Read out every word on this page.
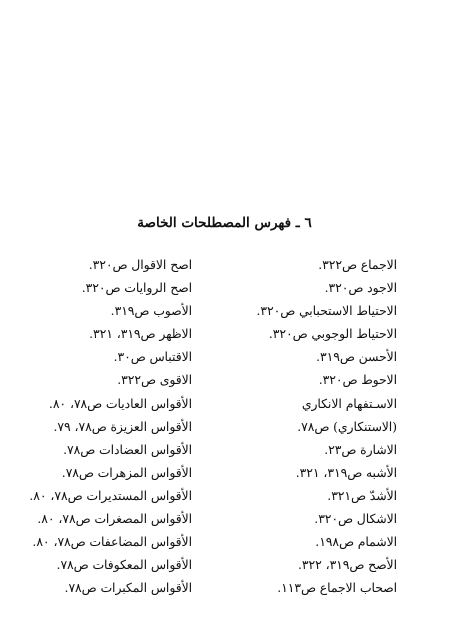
٦ ـ فهرس المصطلحات الخاصة
الاجماع ص٣٢٢.
الاجود ص٣٢٠.
الاحتياط الاستحبابي ص٣٢٠.
الاحتياط الوجوبي ص٣٢٠.
الأحسن ص٣١٩.
الاحوط ص٣٢٠.
الاسـتفهام الانكاري
(الاستنكاري) ص٧٨.
الاشارة ص٢٣.
الأشبه ص٣١٩، ٣٢١.
الأشدّ ص٣٢١.
الاشكال ص٣٢٠.
الاشمام ص١٩٨.
الأصح ص٣١٩، ٣٢٢.
اصحاب الاجماع ص١١٣.
اصح الاقوال ص٣٢٠.
اصح الروايات ص٣٢٠.
الأصوب ص٣١٩.
الاظهر ص٣١٩، ٣٢١.
الاقتباس ص٣٠.
الاقوى ص٣٢٢.
الأقواس العاديات ص٧٨، ٨٠.
الأقواس العزيزة ص٧٨، ٧٩.
الأقواس العضادات ص٧٨.
الأقواس المزهرات ص٧٨.
الأقواس المستديرات ص٧٨، ٨٠.
الأقواس المصغرات ص٧٨، ٨٠.
الأقواس المضاعفات ص٧٨، ٨٠.
الأقواس المعكوفات ص٧٨.
الأقواس المكبرات ص٧٨.
